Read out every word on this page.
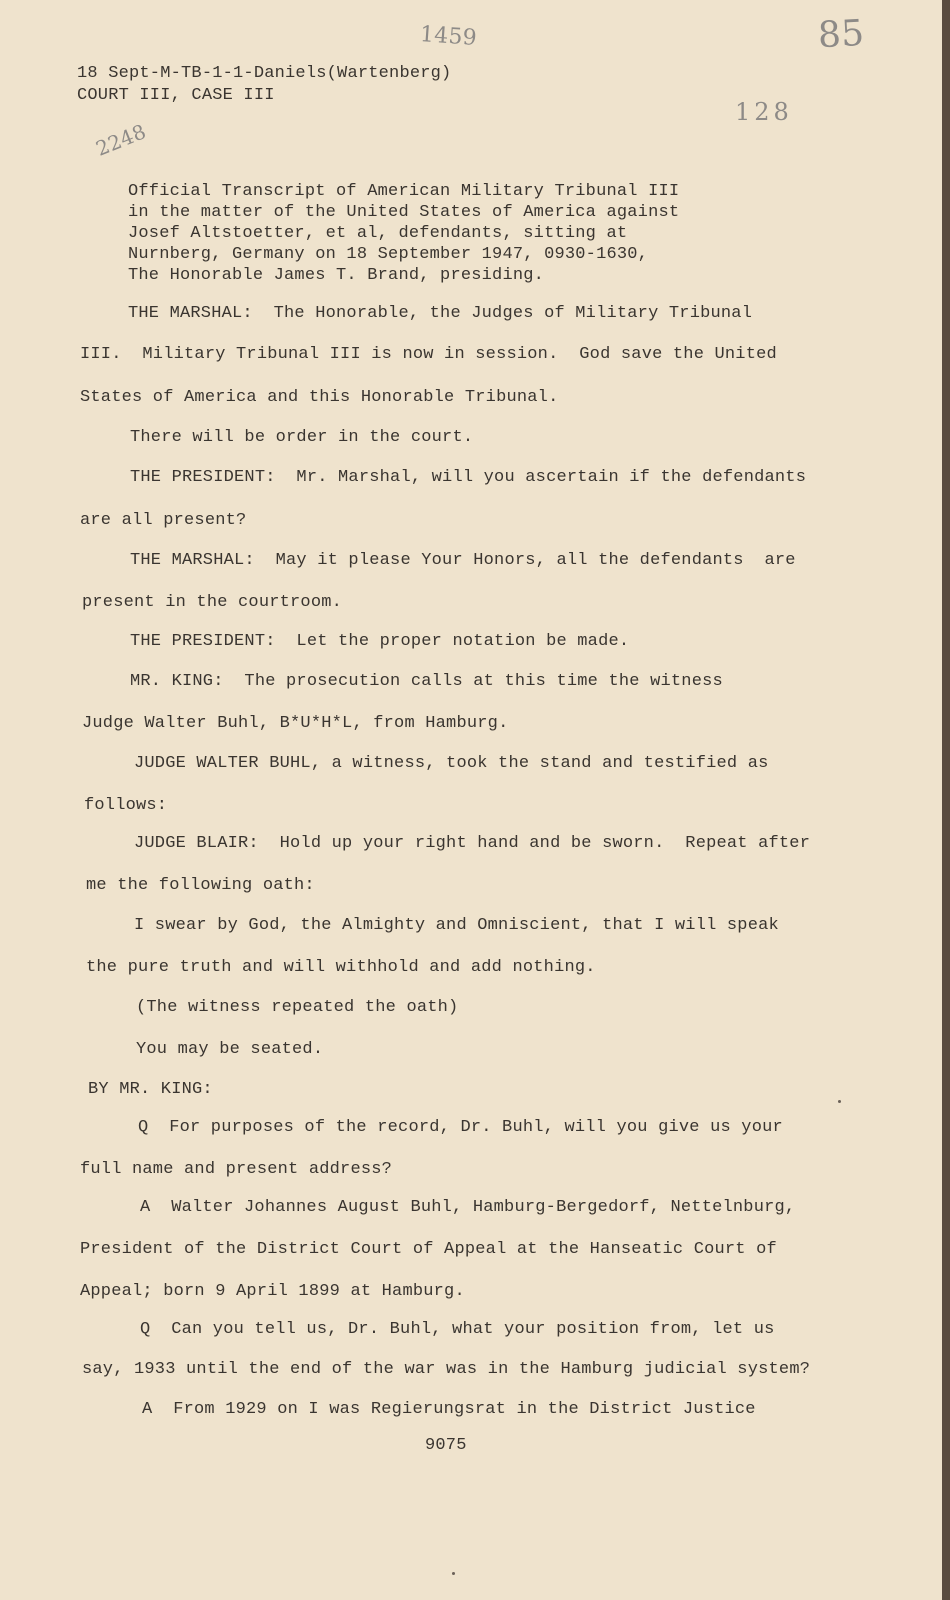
1459	85
128
2248
18 Sept-M-TB-1-1-Daniels(Wartenberg)
COURT III, CASE III
Official Transcript of American Military Tribunal III
in the matter of the United States of America against
Josef Altstoetter, et al, defendants, sitting at
Nurnberg, Germany on 18 September 1947, 0930-1630,
The Honorable James T. Brand, presiding.
THE MARSHAL:  The Honorable, the Judges of Military Tribunal
III.  Military Tribunal III is now in session.  God save the United
States of America and this Honorable Tribunal.
There will be order in the court.
THE PRESIDENT:  Mr. Marshal, will you ascertain if the defendants
are all present?
THE MARSHAL:  May it please Your Honors, all the defendants  are
present in the courtroom.
THE PRESIDENT:  Let the proper notation be made.
MR. KING:  The prosecution calls at this time the witness
Judge Walter Buhl, B*U*H*L, from Hamburg.
JUDGE WALTER BUHL, a witness, took the stand and testified as
follows:
JUDGE BLAIR:  Hold up your right hand and be sworn.  Repeat after
me the following oath:
I swear by God, the Almighty and Omniscient, that I will speak
the pure truth and will withhold and add nothing.
(The witness repeated the oath)
You may be seated.
BY MR. KING:
Q  For purposes of the record, Dr. Buhl, will you give us your
full name and present address?
A  Walter Johannes August Buhl, Hamburg-Bergedorf, Nettelnburg,
President of the District Court of Appeal at the Hanseatic Court of
Appeal; born 9 April 1899 at Hamburg.
Q  Can you tell us, Dr. Buhl, what your position from, let us
say, 1933 until the end of the war was in the Hamburg judicial system?
A  From 1929 on I was Regierungsrat in the District Justice
9075
